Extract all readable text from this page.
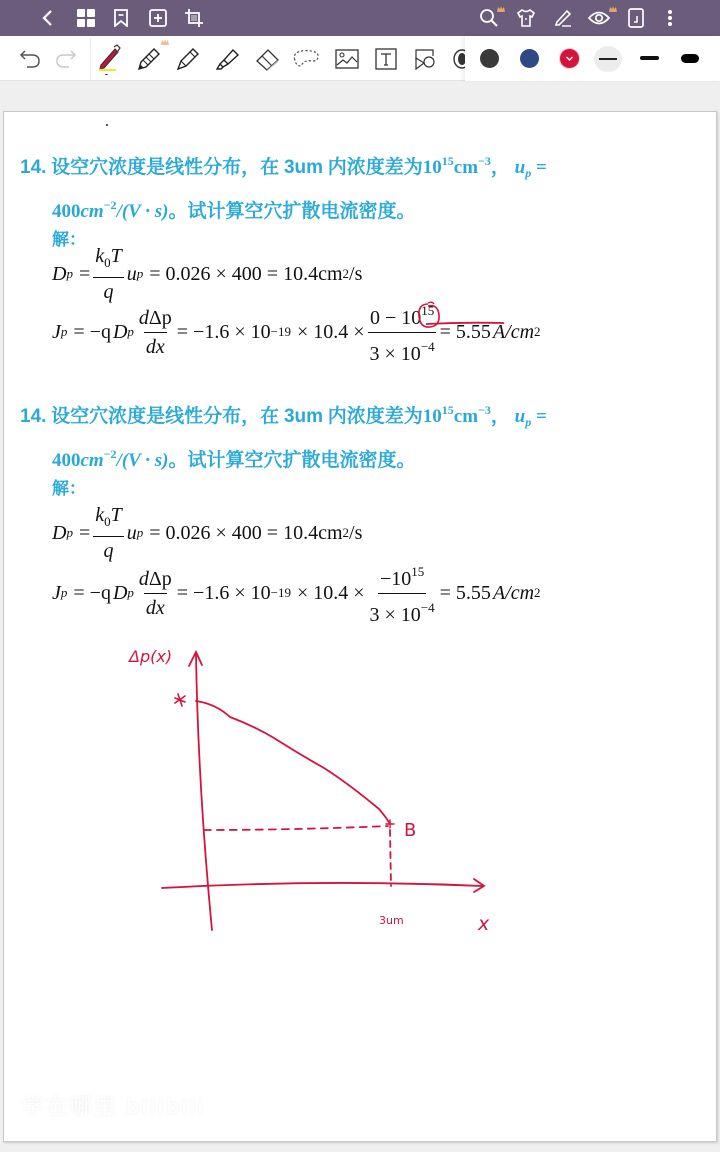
14. 设空穴浓度是线性分布，在 3um 内浓度差为$10^{15}cm^{-3}$， $u_p$ =
$400cm^{-2}/(V \cdot s)$。试计算空穴扩散电流密度。
解：
D $p = \frac{k_0T}{q}$ u p = 0.026 × 400 = 10.4cm 2 /s
J p = −q D p $\frac{\text{dΔp}}{dx} = -1.6 \times 10 -19 \times 10.4 \times \frac{0 - 10^{15}}{3 \times 10^{-4}} = 5.55$ A/cm 2
14. 设空穴浓度是线性分布，在 3um 内浓度差为$10^{15}cm^{-3}$， $u_p$ =
$400cm^{-2}/(V \cdot s)$。试计算空穴扩散电流密度。
解：
D $p = \frac{k_0T}{q}$ u p = 0.026 × 400 = 10.4cm 2 /s
J p = −q D p $\frac{\text{dΔp}}{dx} = -1.6 \times 10 -19 \times 10.4 \times \frac{-10^{15}}{3 \times 10^{-4}} = 5.55$ A/cm 2
Δp(x)
B
3um	x
学在哪里 bilibili
